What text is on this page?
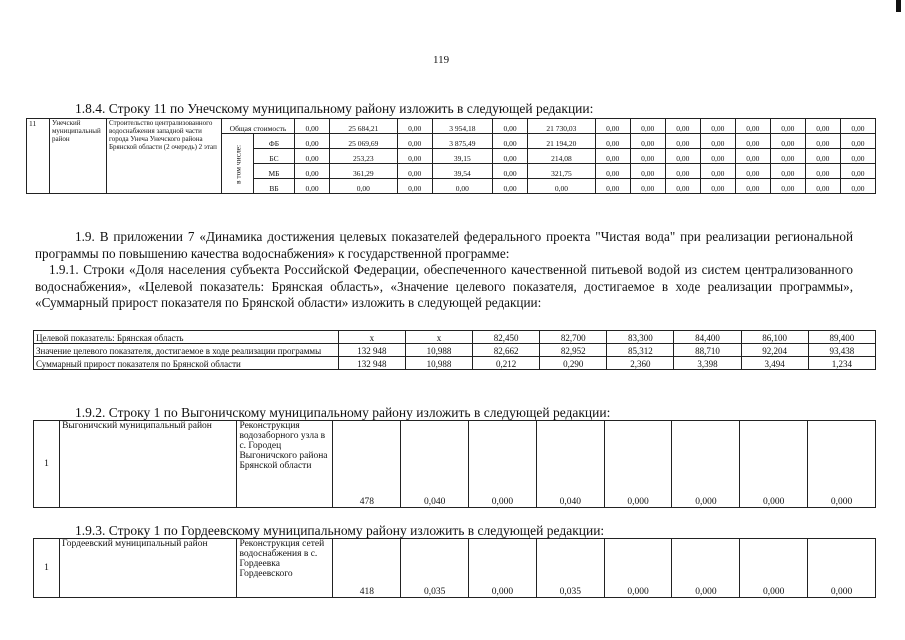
119
1.8.4. Строку 11 по Унечскому муниципальному району изложить в следующей редакции:
11	Унечский муниципальный район	Строительство централизованного водоснабжения западной части города Унеча Унечского района Брянской области (2 очередь) 2 этап	Общая стоимость		0,00	25 684,21	0,00	3 954,18	0,00	21 730,03	0,00	0,00	0,00	0,00	0,00	0,00	0,00	0,00
			в том числе:	ФБ	0,00	25 069,69	0,00	3 875,49	0,00	21 194,20	0,00	0,00	0,00	0,00	0,00	0,00	0,00	0,00
				БС	0,00	253,23	0,00	39,15	0,00	214,08	0,00	0,00	0,00	0,00	0,00	0,00	0,00	0,00
				МБ	0,00	361,29	0,00	39,54	0,00	321,75	0,00	0,00	0,00	0,00	0,00	0,00	0,00	0,00
				ВБ	0,00	0,00	0,00	0,00	0,00	0,00	0,00	0,00	0,00	0,00	0,00	0,00	0,00	0,00

1.9. В приложении 7 «Динамика достижения целевых показателей федерального проекта "Чистая вода" при реализации региональной программы по повышению качества водоснабжения» к государственной программе:

1.9.1. Строки «Доля населения субъекта Российской Федерации, обеспеченного качественной питьевой водой из систем централизованного водоснабжения», «Целевой показатель: Брянская область», «Значение целевого показателя, достигаемое в ходе реализации программы», «Суммарный прирост показателя по Брянской области» изложить в следующей редакции:

Целевой показатель: Брянская область	x	x	82,450	82,700	83,300	84,400	86,100	89,400
Значение целевого показателя, достигаемое в ходе реализации программы	132 948	10,988	82,662	82,952	85,312	88,710	92,204	93,438
Суммарный прирост показателя по Брянской области	132 948	10,988	0,212	0,290	2,360	3,398	3,494	1,234
1.9.2. Строку 1 по Выгоничскому муниципальному району изложить в следующей редакции:
1	Выгоничский муниципальный район	Реконструкция водозаборного узла в с. Городец Выгоничского района Брянской области	478	0,040	0,000	0,040	0,000	0,000	0,000	0,000
1.9.3. Строку 1 по Гордеевскому муниципальному району изложить в следующей редакции:
1	Гордеевский муниципальный район	Реконструкция сетей водоснабжения в с. Гордеевка Гордеевского	418	0,035	0,000	0,035	0,000	0,000	0,000	0,000
